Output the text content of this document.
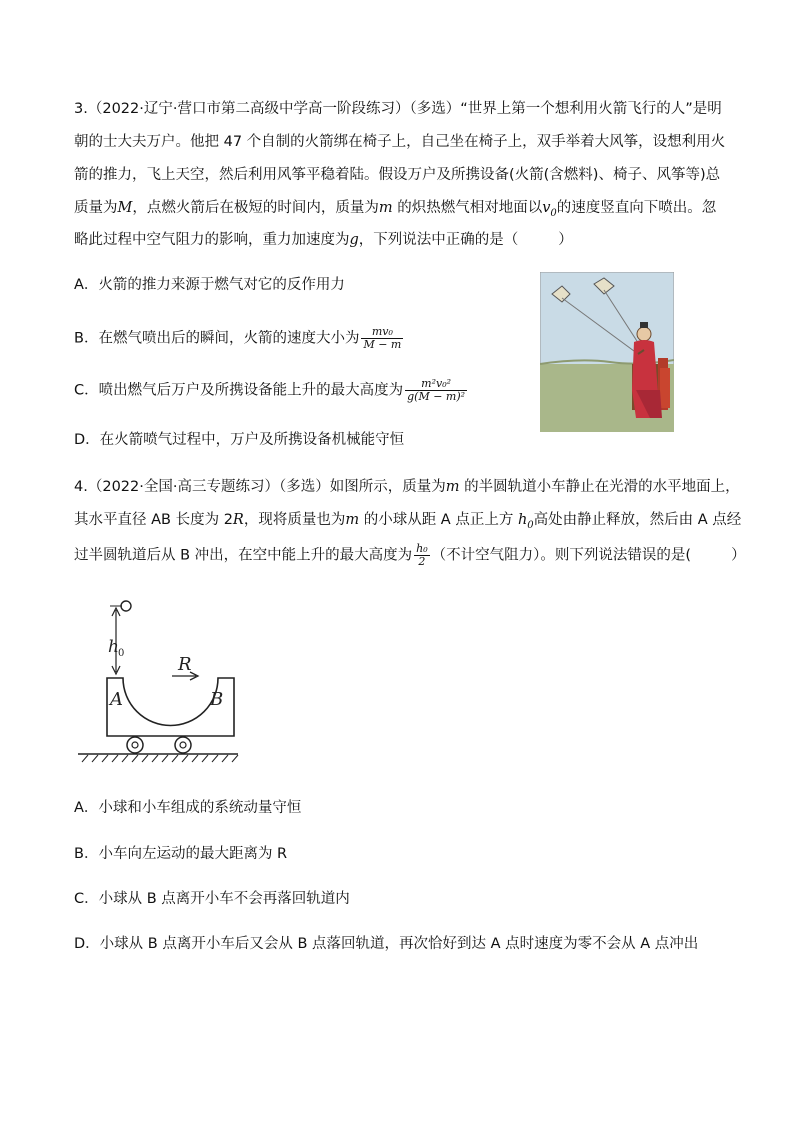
3.（2022·辽宁·营口市第二高级中学高一阶段练习）（多选）“世界上第一个想利用火箭飞行的人”是明
朝的士大夫万户。他把 47 个自制的火箭绑在椅子上，自己坐在椅子上，双手举着大风筝，设想利用火
箭的推力，飞上天空，然后利用风筝平稳着陆。假设万户及所携设备(火箭(含燃料)、椅子、风筝等)总
质量为M，点燃火箭后在极短的时间内，质量为m 的炽热燃气相对地面以$v_0$的速度竖直向下喷出。忽
略此过程中空气阻力的影响，重力加速度为g，下列说法中正确的是（	）
A．火箭的推力来源于燃气对它的反作用力
B．在燃气喷出后的瞬间，火箭的速度大小为 $\frac{\text{mv₀}}{M - m}$
C．喷出燃气后万户及所携设备能上升的最大高度为 $\frac{\text{m²v₀²}}{\text{g(M − m)²}}$
D．在火箭喷气过程中，万户及所携设备机械能守恒
4.（2022·全国·高三专题练习）（多选）如图所示，质量为m 的半圆轨道小车静止在光滑的水平地面上，
其水平直径 AB 长度为 2R，现将质量也为m 的小球从距 A 点正上方 $h_0$高处由静止释放，然后由 A 点经
过半圆轨道后从 B 冲出，在空中能上升的最大高度为 $\frac{\text{h₀}}{2}$ （不计空气阻力）。则下列说法错误的是(	）
h 0
R
A	B
A．小球和小车组成的系统动量守恒
B．小车向左运动的最大距离为 R
C．小球从 B 点离开小车不会再落回轨道内
D．小球从 B 点离开小车后又会从 B 点落回轨道，再次恰好到达 A 点时速度为零不会从 A 点冲出
